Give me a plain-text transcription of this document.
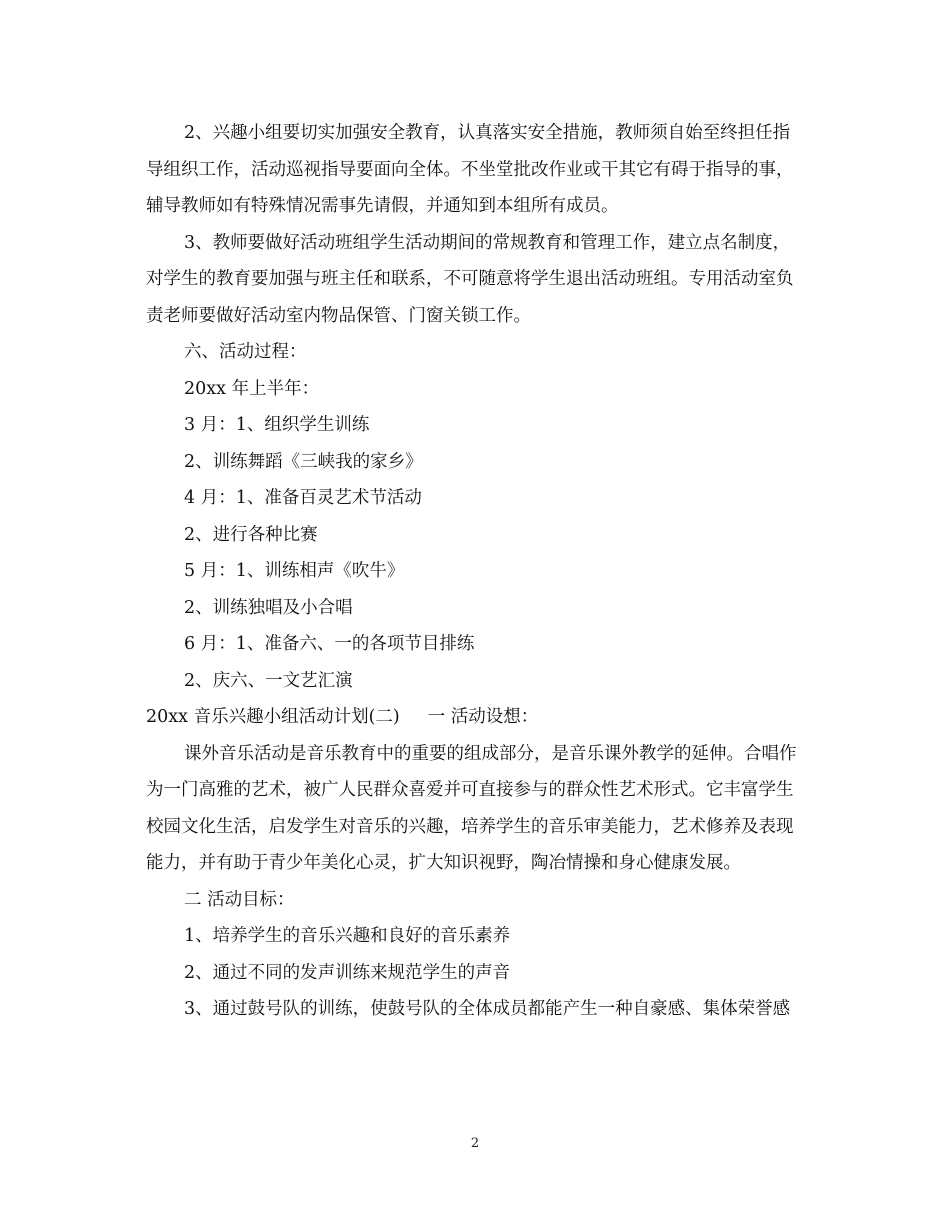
2、兴趣小组要切实加强安全教育，认真落实安全措施，教师须自始至终担任指导组织工作，活动巡视指导要面向全体。不坐堂批改作业或干其它有碍于指导的事，辅导教师如有特殊情况需事先请假，并通知到本组所有成员。

3、教师要做好活动班组学生活动期间的常规教育和管理工作，建立点名制度，对学生的教育要加强与班主任和联系，不可随意将学生退出活动班组。专用活动室负责老师要做好活动室内物品保管、门窗关锁工作。

六、活动过程：

20xx 年上半年：

3 月：1、组织学生训练

2、训练舞蹈《三峡我的家乡》

4 月：1、准备百灵艺术节活动

2、进行各种比赛

5 月：1、训练相声《吹牛》

2、训练独唱及小合唱

6 月：1、准备六、一的各项节目排练

2、庆六、一文艺汇演

20xx 音乐兴趣小组活动计划(二) 一 活动设想：

课外音乐活动是音乐教育中的重要的组成部分，是音乐课外教学的延伸。合唱作为一门高雅的艺术，被广人民群众喜爱并可直接参与的群众性艺术形式。它丰富学生 校园文化生活，启发学生对音乐的兴趣，培养学生的音乐审美能力，艺术修养及表现能力，并有助于青少年美化心灵，扩大知识视野，陶冶情操和身心健康发展。

二 活动目标：

1、培养学生的音乐兴趣和良好的音乐素养

2、通过不同的发声训练来规范学生的声音

3、通过鼓号队的训练，使鼓号队的全体成员都能产生一种自豪感、集体荣誉感

2
